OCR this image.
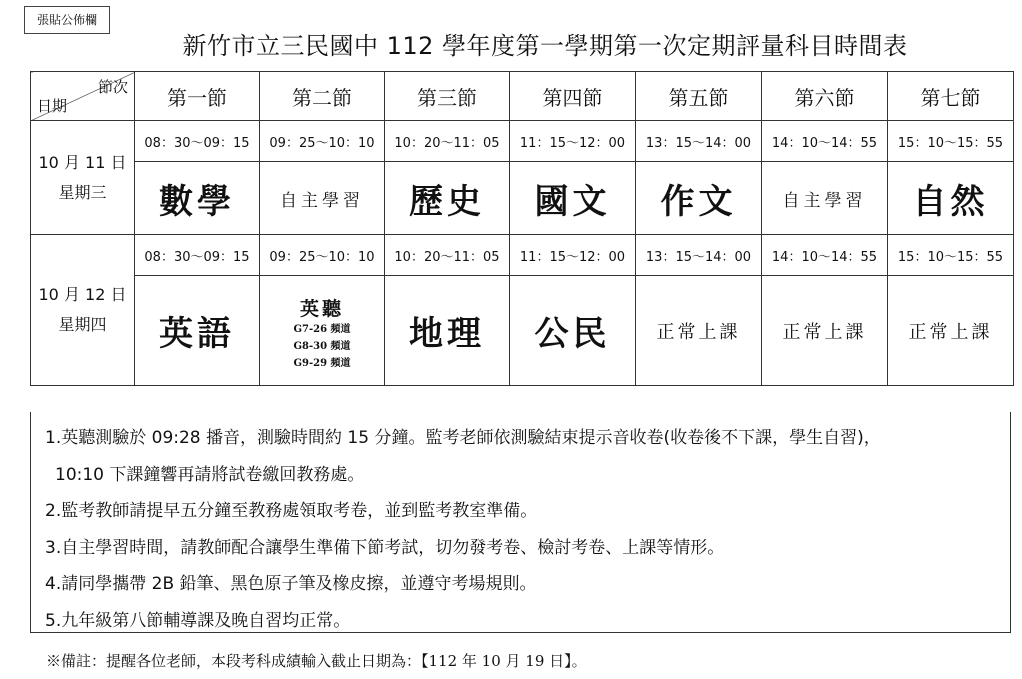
張貼公佈欄
新竹市立三民國中 112 學年度第一學期第一次定期評量科目時間表
節次
日期	第一節	第二節	第三節	第四節	第五節	第六節	第七節

10 月 11 日
星期三	08：30～09：15	09：25～10：10	10：20～11：05	11：15～12：00	13：15～14：00	14：10～14：55	15：10～15：55
	數學	自主學習	歷史	國文	作文	自主學習	自然

10 月 12 日
星期四	08：30～09：15	09：25～10：10	10：20～11：05	11：15～12：00	13：15～14：00	14：10～14：55	15：10～15：55
	英語	英聽
G7-26 頻道
G8-30 頻道
G9-29 頻道	地理	公民	正常上課	正常上課	正常上課
1.英聽測驗於 09:28 播音，測驗時間約 15 分鐘。監考老師依測驗結束提示音收卷(收卷後不下課，學生自習)，
10:10 下課鐘響再請將試卷繳回教務處。
2.監考教師請提早五分鐘至教務處領取考卷，並到監考教室準備。
3.自主學習時間，請教師配合讓學生準備下節考試，切勿發考卷、檢討考卷、上課等情形。
4.請同學攜帶 2B 鉛筆、黑色原子筆及橡皮擦，並遵守考場規則。
5.九年級第八節輔導課及晚自習均正常。
※備註：提醒各位老師，本段考科成績輸入截止日期為：【112 年 10 月 19 日】。
